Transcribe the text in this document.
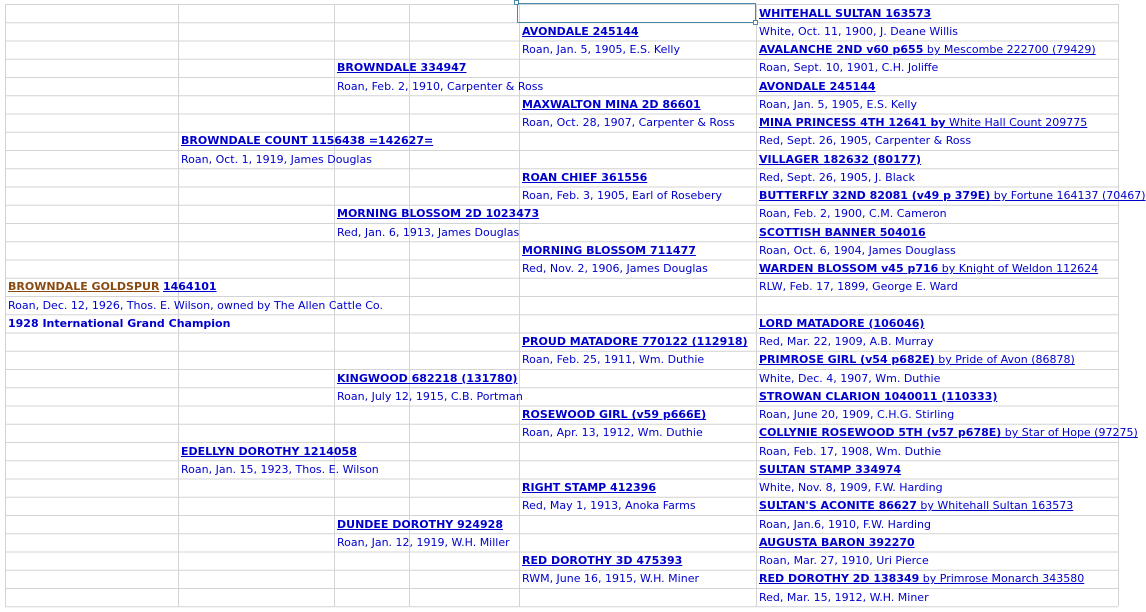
BROWNDALE GOLDSPUR 1464101
Roan, Dec. 12, 1926, Thos. E. Wilson, owned by The Allen Cattle Co.
1928 International Grand Champion
BROWNDALE COUNT 1156438 =142627=
Roan, Oct. 1, 1919, James Douglas
EDELLYN DOROTHY 1214058
Roan, Jan. 15, 1923, Thos. E. Wilson
BROWNDALE 334947
Roan, Feb. 2, 1910, Carpenter & Ross
MORNING BLOSSOM 2D 1023473
Red, Jan. 6, 1913, James Douglas
KINGWOOD 682218 (131780)
Roan, July 12, 1915, C.B. Portman
DUNDEE DOROTHY 924928
Roan, Jan. 12, 1919, W.H. Miller
AVONDALE 245144
Roan, Jan. 5, 1905, E.S. Kelly
MAXWALTON MINA 2D 86601
Roan, Oct. 28, 1907, Carpenter & Ross
ROAN CHIEF 361556
Roan, Feb. 3, 1905, Earl of Rosebery
MORNING BLOSSOM 711477
Red, Nov. 2, 1906, James Douglas
PROUD MATADORE 770122 (112918)
Roan, Feb. 25, 1911, Wm. Duthie
ROSEWOOD GIRL (v59 p666E)
Roan, Apr. 13, 1912, Wm. Duthie
RIGHT STAMP 412396
Red, May 1, 1913, Anoka Farms
RED DOROTHY 3D 475393
RWM, June 16, 1915, W.H. Miner
WHITEHALL SULTAN 163573
White, Oct. 11, 1900, J. Deane Willis
AVALANCHE 2ND v60 p655 by Mescombe 222700 (79429)
Roan, Sept. 10, 1901, C.H. Joliffe
AVONDALE 245144
Roan, Jan. 5, 1905, E.S. Kelly
MINA PRINCESS 4TH 12641 by White Hall Count 209775
Red, Sept. 26, 1905, Carpenter & Ross
VILLAGER 182632 (80177)
Red, Sept. 26, 1905, J. Black
BUTTERFLY 32ND 82081 (v49 p 379E) by Fortune 164137 (70467)
Roan, Feb. 2, 1900, C.M. Cameron
SCOTTISH BANNER 504016
Roan, Oct. 6, 1904, James Douglass
WARDEN BLOSSOM v45 p716 by Knight of Weldon 112624
RLW, Feb. 17, 1899, George E. Ward
LORD MATADORE (106046)
Red, Mar. 22, 1909, A.B. Murray
PRIMROSE GIRL (v54 p682E) by Pride of Avon (86878)
White, Dec. 4, 1907, Wm. Duthie
STROWAN CLARION 1040011 (110333)
Roan, June 20, 1909, C.H.G. Stirling
COLLYNIE ROSEWOOD 5TH (v57 p678E) by Star of Hope (97275)
Roan, Feb. 17, 1908, Wm. Duthie
SULTAN STAMP 334974
White, Nov. 8, 1909, F.W. Harding
SULTAN'S ACONITE 86627 by Whitehall Sultan 163573
Roan, Jan.6, 1910, F.W. Harding
AUGUSTA BARON 392270
Roan, Mar. 27, 1910, Uri Pierce
RED DOROTHY 2D 138349 by Primrose Monarch 343580
Red, Mar. 15, 1912, W.H. Miner
